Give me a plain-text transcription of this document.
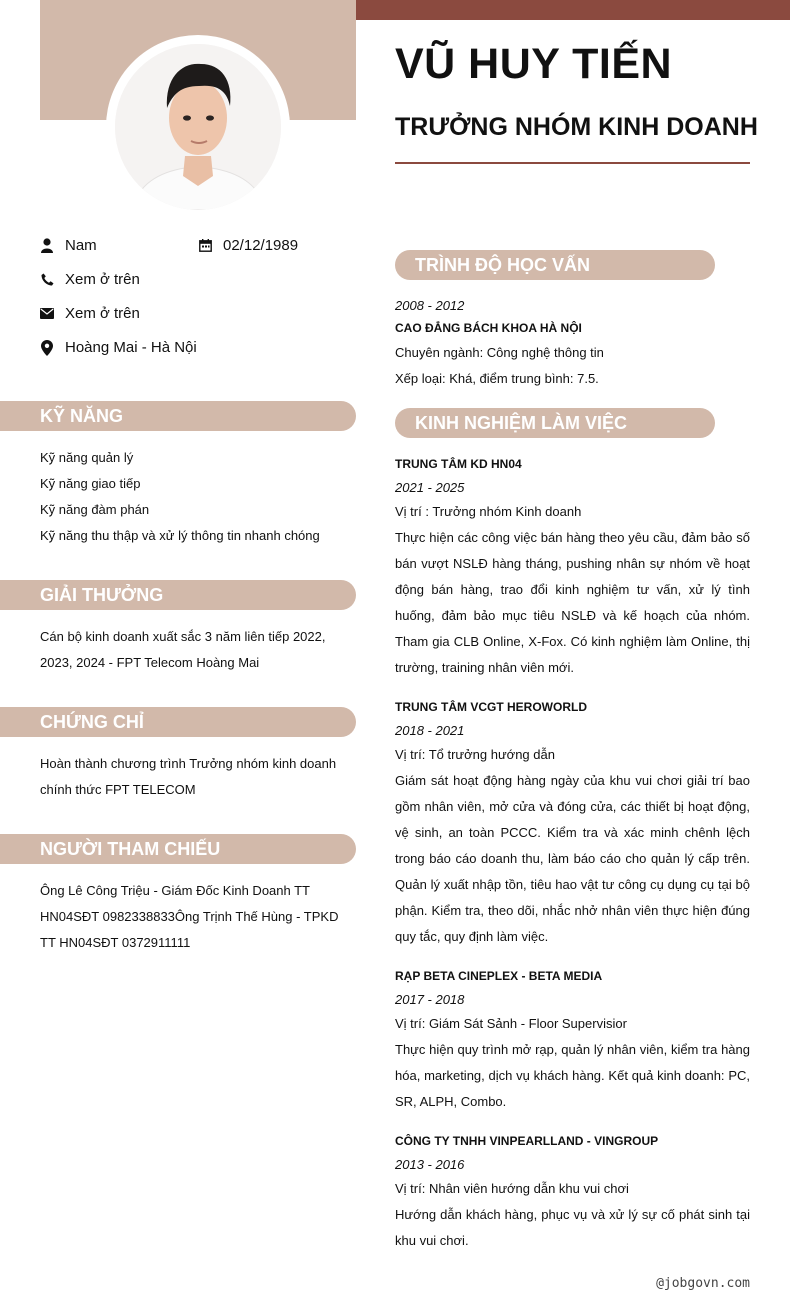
VŨ HUY TIẾN
TRƯỞNG NHÓM KINH DOANH
Nam	02/12/1989
Xem ở trên
Xem ở trên
Hoàng Mai - Hà Nội
KỸ NĂNG
Kỹ năng quản lý
Kỹ năng giao tiếp
Kỹ năng đàm phán
Kỹ năng thu thập và xử lý thông tin nhanh chóng
GIẢI THƯỞNG
Cán bộ kinh doanh xuất sắc 3 năm liên tiếp 2022, 2023, 2024 - FPT Telecom Hoàng Mai
CHỨNG CHỈ
Hoàn thành chương trình Trưởng nhóm kinh doanh chính thức FPT TELECOM
NGƯỜI THAM CHIẾU
Ông Lê Công Triệu - Giám Đốc Kinh Doanh TT HN04SĐT 0982338833Ông Trịnh Thế Hùng - TPKD TT HN04SĐT 0372911111
TRÌNH ĐỘ HỌC VẤN
2008 - 2012
CAO ĐẲNG BÁCH KHOA HÀ NỘI
Chuyên ngành: Công nghệ thông tin
Xếp loại: Khá, điểm trung bình: 7.5.
KINH NGHIỆM LÀM VIỆC
TRUNG TÂM KD HN04
2021 - 2025
Vị trí : Trưởng nhóm Kinh doanh
Thực hiện các công việc bán hàng theo yêu cầu, đảm bảo số bán vượt NSLĐ hàng tháng, pushing nhân sự nhóm về hoạt động bán hàng, trao đổi kinh nghiệm tư vấn, xử lý tình huống, đảm bảo mục tiêu NSLĐ và kế hoạch của nhóm. Tham gia CLB Online, X-Fox. Có kinh nghiệm làm Online, thị trường, training nhân viên mới.
TRUNG TÂM VCGT HEROWORLD
2018 - 2021
Vị trí: Tổ trưởng hướng dẫn
Giám sát hoạt động hàng ngày của khu vui chơi giải trí bao gồm nhân viên, mở cửa và đóng cửa, các thiết bị hoạt động, vệ sinh, an toàn PCCC. Kiểm tra và xác minh chênh lệch trong báo cáo doanh thu, làm báo cáo cho quản lý cấp trên. Quản lý xuất nhập tồn, tiêu hao vật tư công cụ dụng cụ tại bộ phận. Kiểm tra, theo dõi, nhắc nhở nhân viên thực hiện đúng quy tắc, quy định làm việc.
RẠP BETA CINEPLEX - BETA MEDIA
2017 - 2018
Vị trí: Giám Sát Sảnh - Floor Supervisior
Thực hiện quy trình mở rạp, quản lý nhân viên, kiểm tra hàng hóa, marketing, dịch vụ khách hàng. Kết quả kinh doanh: PC, SR, ALPH, Combo.
CÔNG TY TNHH VINPEARLLAND - VINGROUP
2013 - 2016
Vị trí: Nhân viên hướng dẫn khu vui chơi
Hướng dẫn khách hàng, phục vụ và xử lý sự cố phát sinh tại khu vui chơi.
@jobgovn.com
